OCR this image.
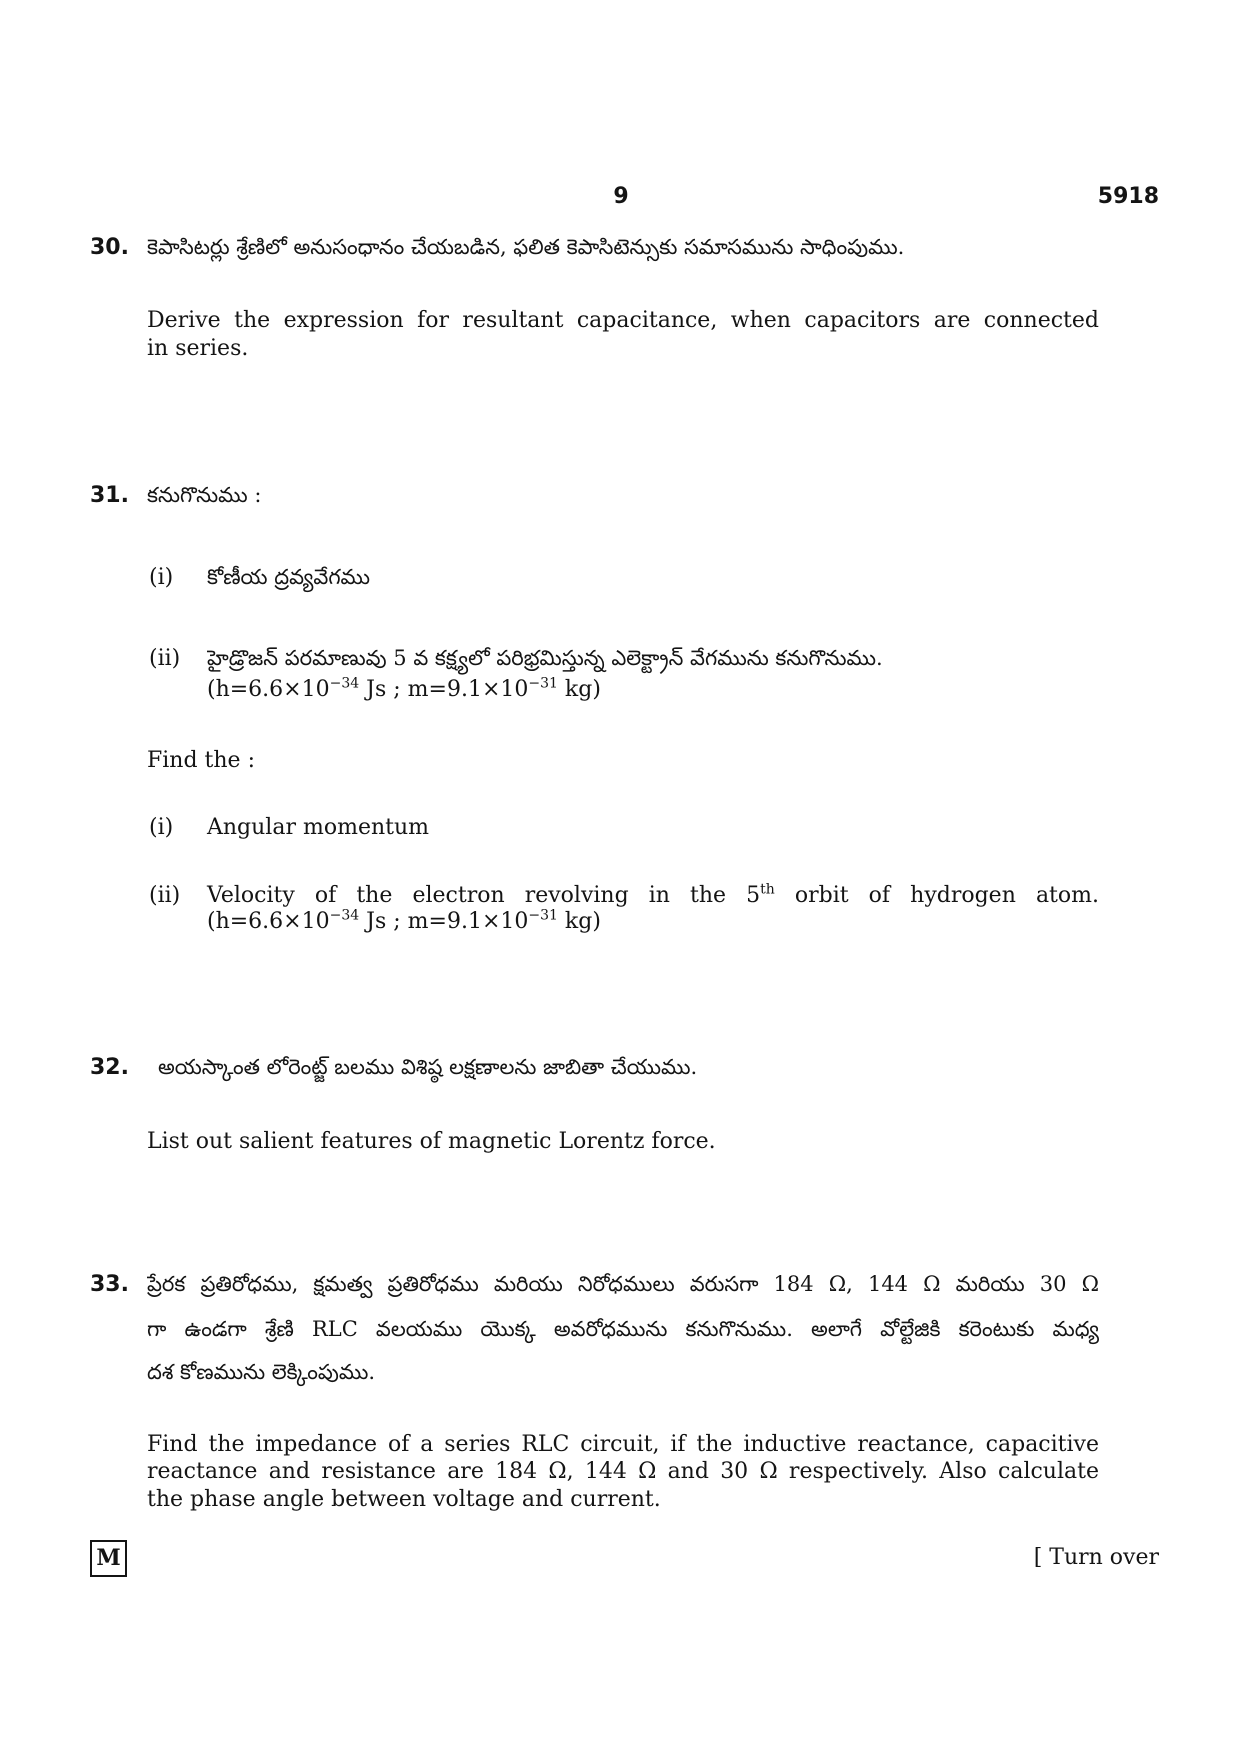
9	5918
30. కెపాసిటర్లు శ్రేణిలో అనుసంధానం చేయబడిన, ఫలిత కెపాసిటెన్సుకు సమాసమును సాధింపుము.
Derive the expression for resultant capacitance, when capacitors are connected
in series.
31. కనుగొనుము :
(i) కోణీయ ద్రవ్యవేగము
(ii) హైడ్రొజన్ పరమాణువు 5 వ కక్ష్యలో పరిభ్రమిస్తున్న ఎలెక్ట్రాన్ వేగమును కనుగొనుము.
($h=6.6\times 10^{-34}$ Js ; $m=9.1\times 10^{-31}$ kg)
Find the :
(i) Angular momentum
(ii) Velocity of the electron revolving in the 5th orbit of hydrogen atom.
($h=6.6\times 10^{-34}$ Js ; $m=9.1\times 10^{-31}$ kg)
32. అయస్కాంత లోరెంట్జ్ బలము విశిష్ఠ లక్షణాలను జాబితా చేయుము.
List out salient features of magnetic Lorentz force.
33. ప్రేరక ప్రతిరోధము, క్షమత్వ ప్రతిరోధము మరియు నిరోధములు వరుసగా 184 Ω, 144 Ω మరియు 30 Ω
గా ఉండగా శ్రేణి RLC వలయము యొక్క అవరోధమును కనుగొనుము. అలాగే వోల్టేజికి కరెంటుకు మధ్య
దశ కోణమును లెక్కింపుము.
Find the impedance of a series RLC circuit, if the inductive reactance, capacitive
reactance and resistance are 184 Ω, 144 Ω and 30 Ω respectively. Also calculate
the phase angle between voltage and current.
M	[ Turn over
